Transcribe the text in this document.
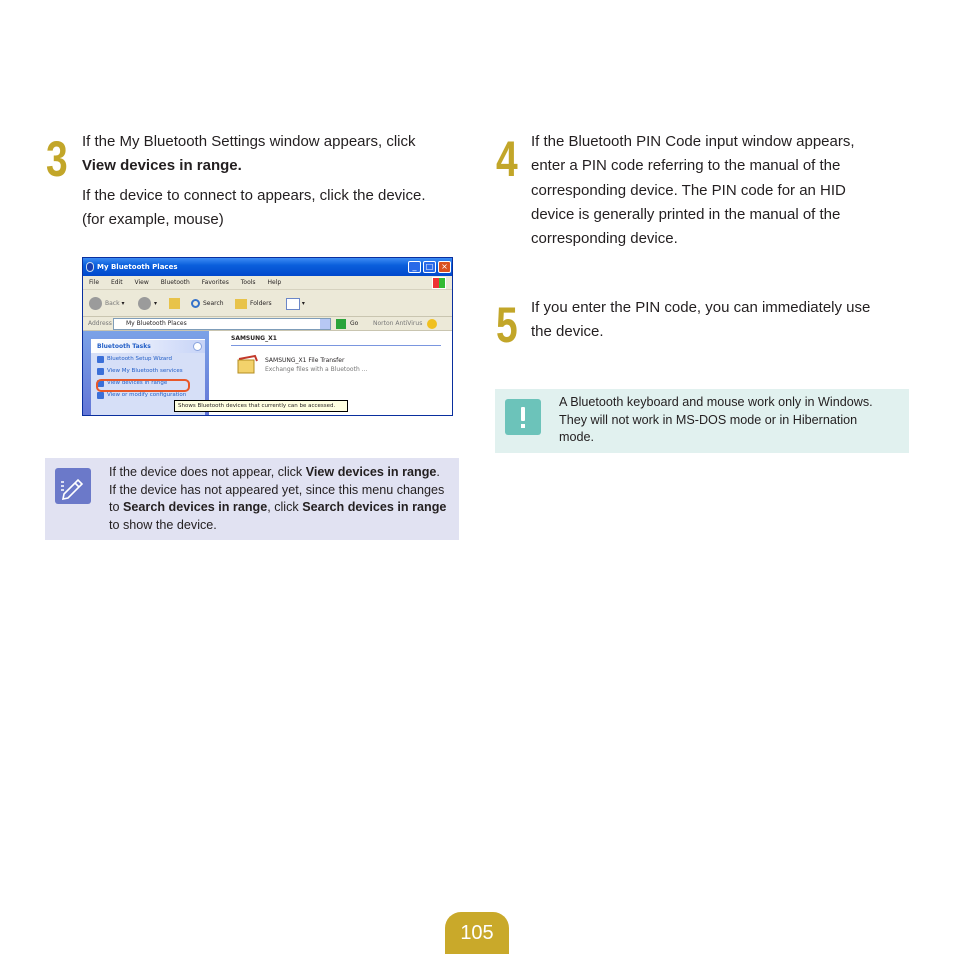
3 If the My Bluetooth Settings window appears, click
View devices in range.
If the device to connect to appears, click the device.
(for example, mouse)
My Bluetooth Places	_	□ ×
File Edit View Bluetooth Favorites Tools Help
Back ▾	▾	Search	Folders	▾
Address	My Bluetooth Places	Go Norton AntiVirus
Bluetooth Tasks
Bluetooth Setup Wizard
View My Bluetooth services
View devices in range
View or modify configuration
SAMSUNG_X1
SAMSUNG_X1 File Transfer
Exchange files with a Bluetooth ...
Shows Bluetooth devices that currently can be accessed.
If the device does not appear, click View devices in range. If the device has not appeared yet, since this menu changes to Search devices in range, click Search devices in range to show the device.
4 If the Bluetooth PIN Code input window appears,
enter a PIN code referring to the manual of the
corresponding device. The PIN code for an HID
device is generally printed in the manual of the
corresponding device.
5 If you enter the PIN code, you can immediately use
the device.
A Bluetooth keyboard and mouse work only in Windows.
They will not work in MS-DOS mode or in Hibernation
mode.
105
